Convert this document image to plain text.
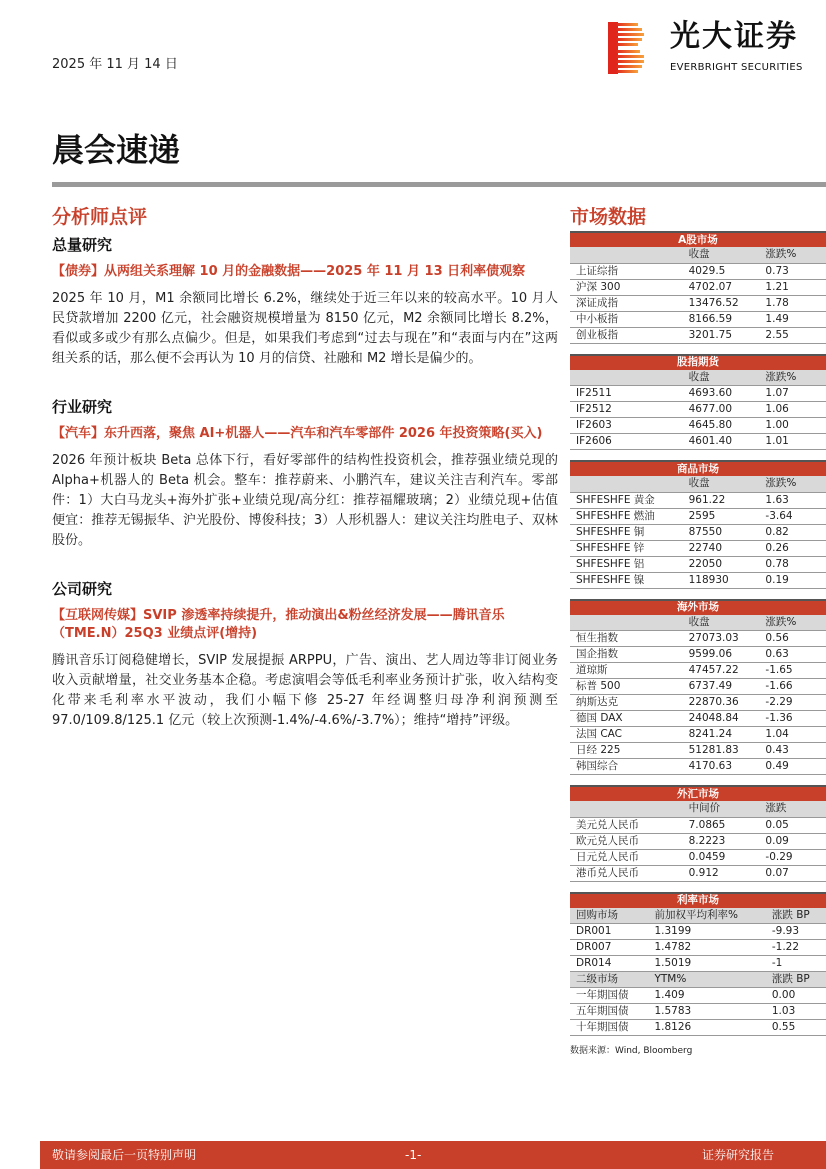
2025 年 11 月 14 日
光大证券
EVERBRIGHT SECURITIES
晨会速递
分析师点评
总量研究
【债券】从两组关系理解 10 月的金融数据——2025 年 11 月 13 日利率债观察
2025 年 10 月，M1 余额同比增长 6.2%，继续处于近三年以来的较高水平。10 月人民贷款增加 2200 亿元，社会融资规模增量为 8150 亿元，M2 余额同比增长 8.2%，看似或多或少有那么点偏少。但是，如果我们考虑到“过去与现在”和“表面与内在”这两组关系的话，那么便不会再认为 10 月的信贷、社融和 M2 增长是偏少的。
行业研究
【汽车】东升西落，聚焦 AI+机器人——汽车和汽车零部件 2026 年投资策略(买入)
2026 年预计板块 Beta 总体下行，看好零部件的结构性投资机会，推荐强业绩兑现的 Alpha+机器人的 Beta 机会。整车：推荐蔚来、小鹏汽车，建议关注吉利汽车。零部件：1）大白马龙头+海外扩张+业绩兑现/高分红：推荐福耀玻璃；2）业绩兑现+估值便宜：推荐无锡振华、沪光股份、博俊科技；3）人形机器人：建议关注均胜电子、双林股份。
公司研究
【互联网传媒】SVIP 渗透率持续提升，推动演出&粉丝经济发展——腾讯音乐（TME.N）25Q3 业绩点评(增持)
腾讯音乐订阅稳健增长，SVIP 发展提振 ARPPU，广告、演出、艺人周边等非订阅业务收入贡献增量，社交业务基本企稳。考虑演唱会等低毛利率业务预计扩张，收入结构变化带来毛利率水平波动，我们小幅下修 25-27 年经调整归母净利润预测至 97.0/109.8/125.1 亿元（较上次预测-1.4%/-4.6%/-3.7%）；维持“增持”评级。
市场数据
A股市场		
	收盘	涨跌%
上证综指	4029.5	0.73
沪深 300	4702.07	1.21
深证成指	13476.52	1.78
中小板指	8166.59	1.49
创业板指	3201.75	2.55
股指期货		
	收盘	涨跌%
IF2511	4693.60	1.07
IF2512	4677.00	1.06
IF2603	4645.80	1.00
IF2606	4601.40	1.01
商品市场		
	收盘	涨跌%
SHFESHFE 黄金	961.22	1.63
SHFESHFE 燃油	2595	-3.64
SHFESHFE 铜	87550	0.82
SHFESHFE 锌	22740	0.26
SHFESHFE 铝	22050	0.78
SHFESHFE 镍	118930	0.19
海外市场		
	收盘	涨跌%
恒生指数	27073.03	0.56
国企指数	9599.06	0.63
道琼斯	47457.22	-1.65
标普 500	6737.49	-1.66
纳斯达克	22870.36	-2.29
德国 DAX	24048.84	-1.36
法国 CAC	8241.24	1.04
日经 225	51281.83	0.43
韩国综合	4170.63	0.49
外汇市场		
	中间价	涨跌
美元兑人民币	7.0865	0.05
欧元兑人民币	8.2223	0.09
日元兑人民币	0.0459	-0.29
港币兑人民币	0.912	0.07
利率市场		
回购市场	前加权平均利率%	涨跌 BP
DR001	1.3199	-9.93
DR007	1.4782	-1.22
DR014	1.5019	-1
二级市场	YTM%	涨跌 BP
一年期国债	1.409	0.00
五年期国债	1.5783	1.03
十年期国债	1.8126	0.55
数据来源：Wind, Bloomberg
敬请参阅最后一页特别声明	-1-	证券研究报告
